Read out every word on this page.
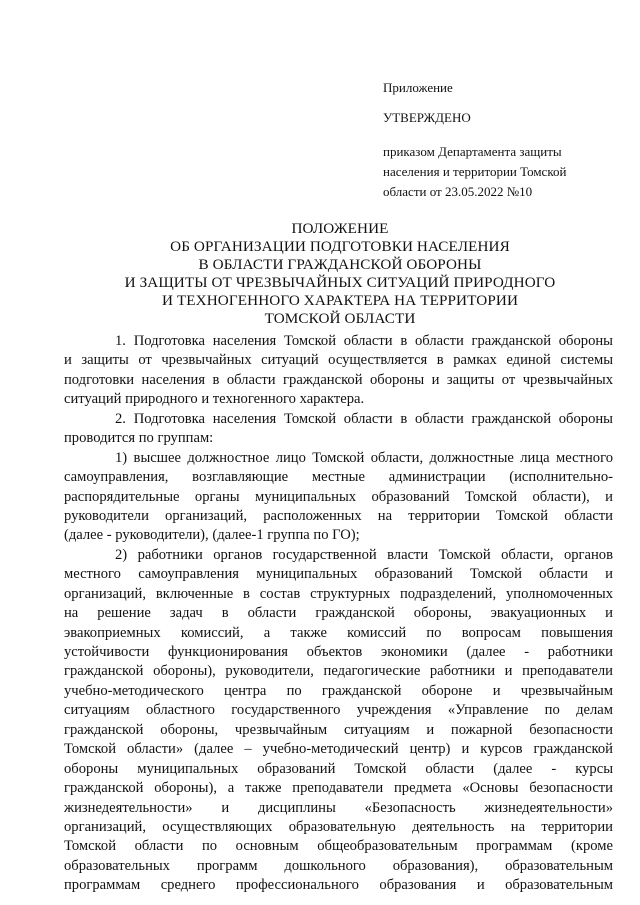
Приложение
УТВЕРЖДЕНО
приказом Департамента защиты
населения и территории Томской
области от 23.05.2022 №10
ПОЛОЖЕНИЕ
ОБ ОРГАНИЗАЦИИ ПОДГОТОВКИ НАСЕЛЕНИЯ
В ОБЛАСТИ ГРАЖДАНСКОЙ ОБОРОНЫ
И ЗАЩИТЫ ОТ ЧРЕЗВЫЧАЙНЫХ СИТУАЦИЙ ПРИРОДНОГО
И ТЕХНОГЕННОГО ХАРАКТЕРА НА ТЕРРИТОРИИ
ТОМСКОЙ ОБЛАСТИ
1. Подготовка населения Томской области в области гражданской обороны
и защиты от чрезвычайных ситуаций осуществляется в рамках единой системы
подготовки населения в области гражданской обороны и защиты от чрезвычайных
ситуаций природного и техногенного характера.
2. Подготовка населения Томской области в области гражданской обороны
проводится по группам:
1) высшее должностное лицо Томской области, должностные лица местного
самоуправления, возглавляющие местные администрации (исполнительно-
распорядительные органы муниципальных образований Томской области), и
руководители организаций, расположенных на территории Томской области
(далее - руководители), (далее-1 группа по ГО);
2) работники органов государственной власти Томской области, органов
местного самоуправления муниципальных образований Томской области и
организаций, включенные в состав структурных подразделений, уполномоченных
на решение задач в области гражданской обороны, эвакуационных и
эвакоприемных комиссий, а также комиссий по вопросам повышения
устойчивости функционирования объектов экономики (далее - работники
гражданской обороны), руководители, педагогические работники и преподаватели
учебно-методического центра по гражданской обороне и чрезвычайным
ситуациям областного государственного учреждения «Управление по делам
гражданской обороны, чрезвычайным ситуациям и пожарной безопасности
Томской области» (далее – учебно-методический центр) и курсов гражданской
обороны муниципальных образований Томской области (далее - курсы
гражданской обороны), а также преподаватели предмета «Основы безопасности
жизнедеятельности» и дисциплины «Безопасность жизнедеятельности»
организаций, осуществляющих образовательную деятельность на территории
Томской области по основным общеобразовательным программам (кроме
образовательных программ дошкольного образования), образовательным
программам среднего профессионального образования и образовательным
